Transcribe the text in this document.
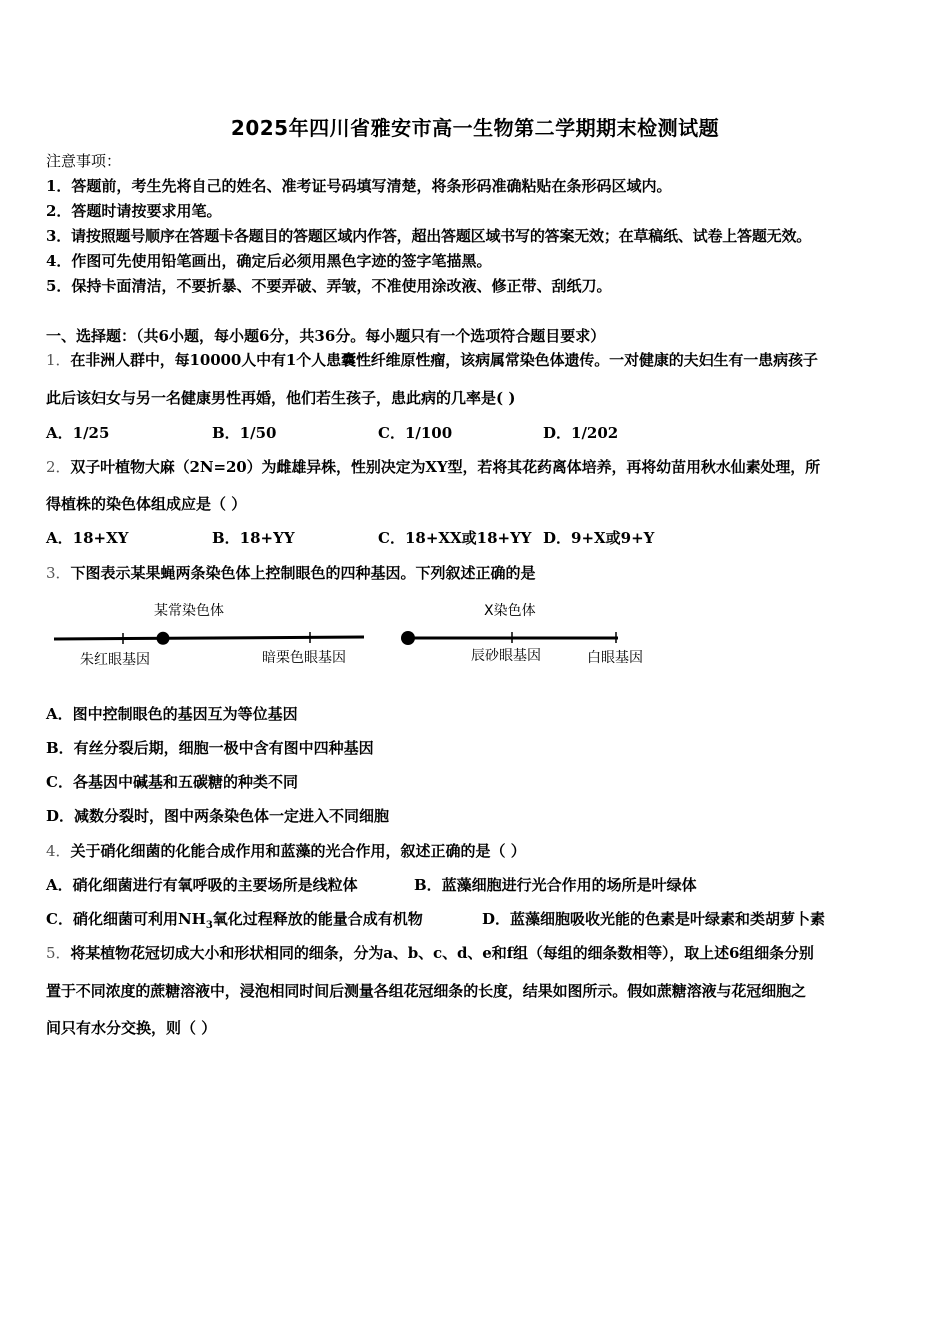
2025年四川省雅安市高一生物第二学期期末检测试题
注意事项：
1．答题前，考生先将自己的姓名、准考证号码填写清楚，将条形码准确粘贴在条形码区域内。
2．答题时请按要求用笔。
3．请按照题号顺序在答题卡各题目的答题区域内作答，超出答题区域书写的答案无效；在草稿纸、试卷上答题无效。
4．作图可先使用铅笔画出，确定后必须用黑色字迹的签字笔描黑。
5．保持卡面清洁，不要折暴、不要弄破、弄皱，不准使用涂改液、修正带、刮纸刀。
一、选择题：（共6小题，每小题6分，共36分。每小题只有一个选项符合题目要求）
1．在非洲人群中，每10000人中有1个人患囊性纤维原性瘤，该病属常染色体遗传。一对健康的夫妇生有一患病孩子
此后该妇女与另一名健康男性再婚，他们若生孩子，患此病的几率是( )
A．1/25	B．1/50	C．1/100	D．1/202
2．双子叶植物大麻（2N=20）为雌雄异株，性别决定为XY型，若将其花药离体培养，再将幼苗用秋水仙素处理，所
得植株的染色体组成应是（ ）
A．18+XY	B．18+YY	C．18+XX或18+YY D．9+X或9+Y
3．下图表示某果蝇两条染色体上控制眼色的四种基因。下列叙述正确的是
某常染色体	X染色体
朱红眼基因	暗栗色眼基因	辰砂眼基因	白眼基因
A．图中控制眼色的基因互为等位基因
B．有丝分裂后期，细胞一极中含有图中四种基因
C．各基因中碱基和五碳糖的种类不同
D．减数分裂时，图中两条染色体一定进入不同细胞
4．关于硝化细菌的化能合成作用和蓝藻的光合作用，叙述正确的是（ ）
A．硝化细菌进行有氧呼吸的主要场所是线粒体	B．蓝藻细胞进行光合作用的场所是叶绿体
C．硝化细菌可利用$NH_3$氧化过程释放的能量合成有机物	D．蓝藻细胞吸收光能的色素是叶绿素和类胡萝卜素
5．将某植物花冠切成大小和形状相同的细条，分为a、b、c、d、e和f组（每组的细条数相等），取上述6组细条分别
置于不同浓度的蔗糖溶液中，浸泡相同时间后测量各组花冠细条的长度，结果如图所示。假如蔗糖溶液与花冠细胞之
间只有水分交换，则（ ）
